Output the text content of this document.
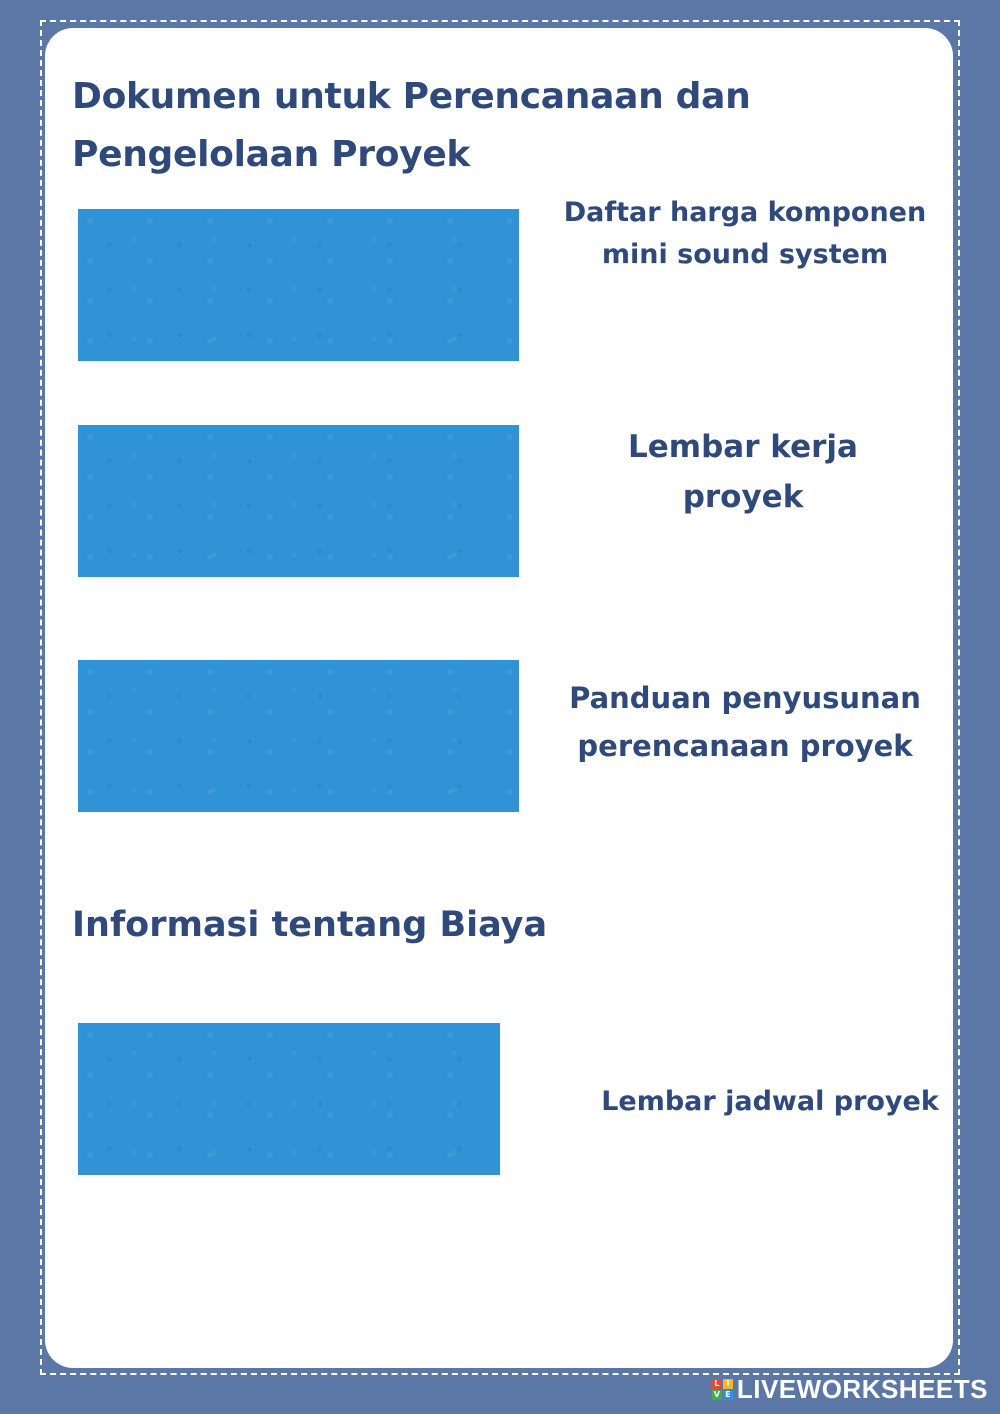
Dokumen untuk Perencanaan dan Pengelolaan Proyek
Daftar harga komponen mini sound system
Lembar kerja proyek
Panduan penyusunan perencanaan proyek
Informasi tentang Biaya
Lembar jadwal proyek
L I
V E LIVEWORKSHEETS
